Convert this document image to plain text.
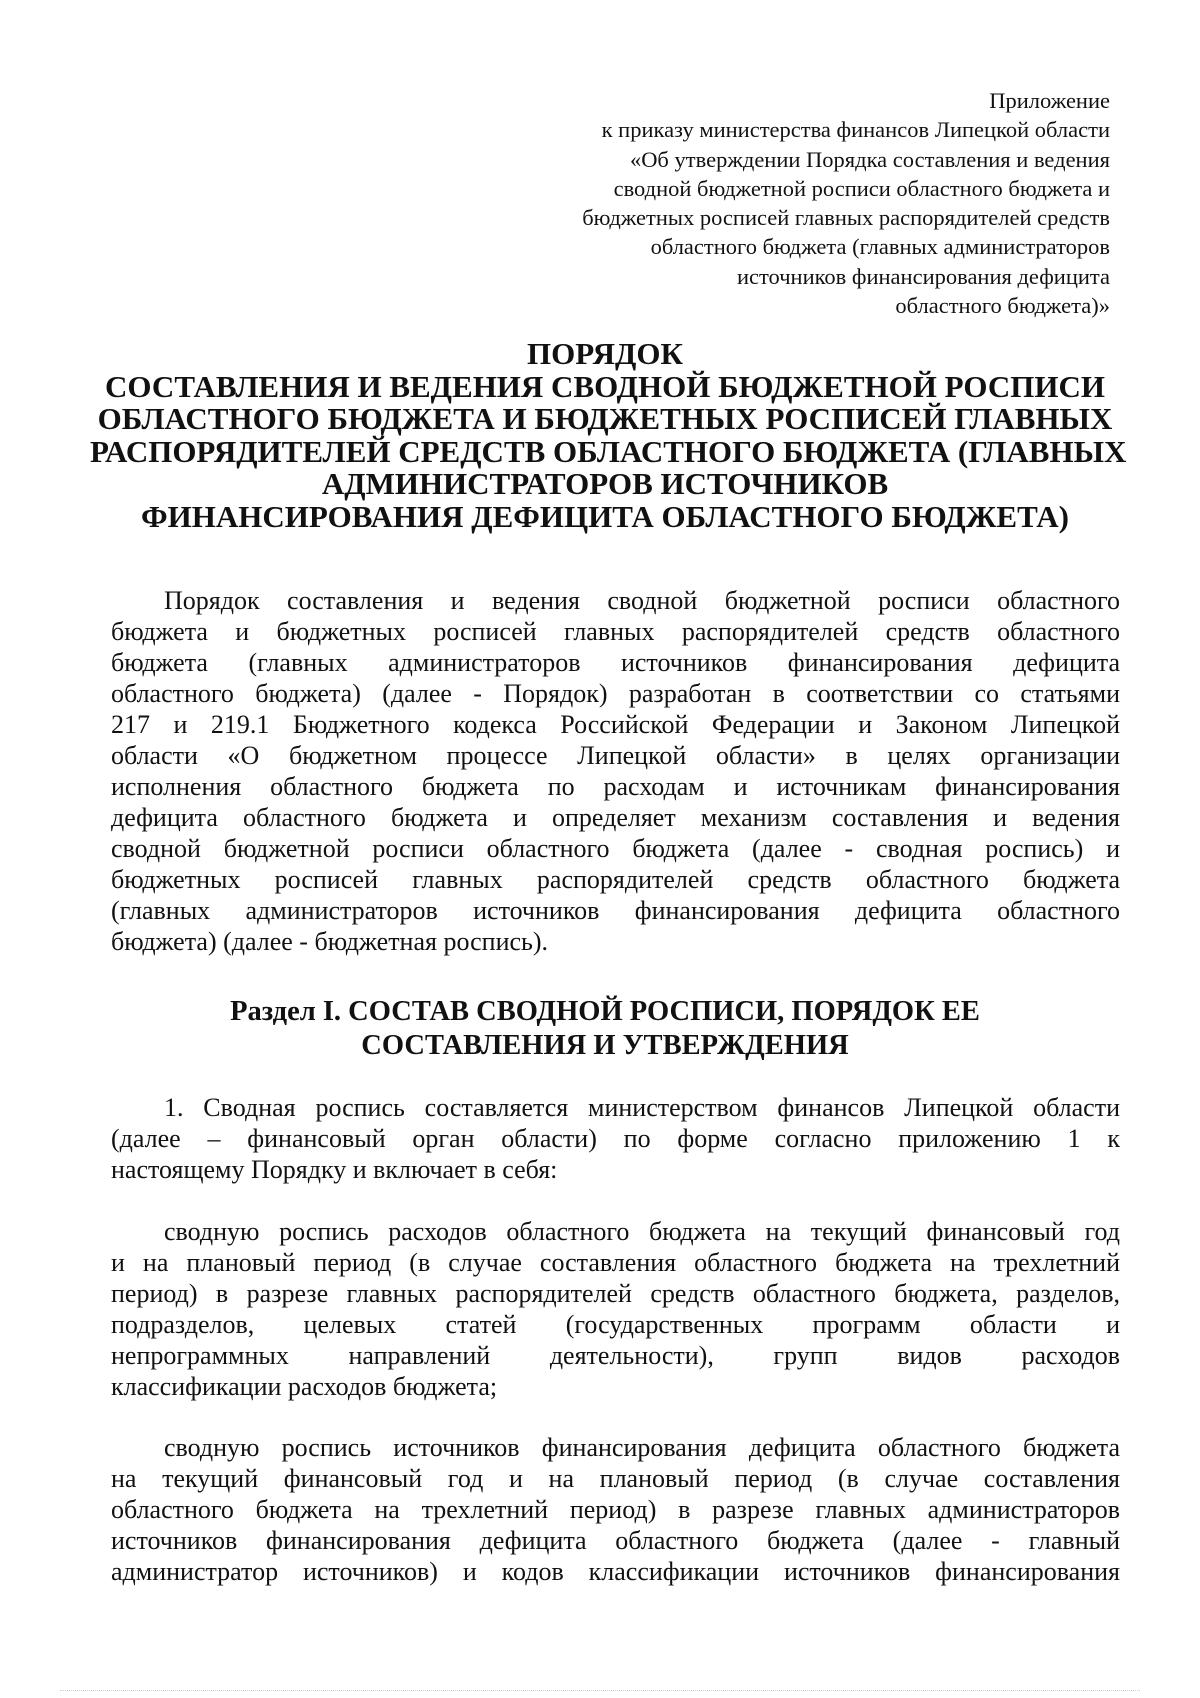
Приложение
к приказу министерства финансов Липецкой области
«Об утверждении Порядка составления и ведения
сводной бюджетной росписи областного бюджета и
бюджетных росписей главных распорядителей средств
областного бюджета (главных администраторов
источников финансирования дефицита
областного бюджета)»
ПОРЯДОК
СОСТАВЛЕНИЯ И ВЕДЕНИЯ СВОДНОЙ БЮДЖЕТНОЙ РОСПИСИ
ОБЛАСТНОГО БЮДЖЕТА И БЮДЖЕТНЫХ РОСПИСЕЙ ГЛАВНЫХ
РАСПОРЯДИТЕЛЕЙ СРЕДСТВ ОБЛАСТНОГО БЮДЖЕТА (ГЛАВНЫХ
АДМИНИСТРАТОРОВ ИСТОЧНИКОВ
ФИНАНСИРОВАНИЯ ДЕФИЦИТА ОБЛАСТНОГО БЮДЖЕТА)
Порядок составления и ведения сводной бюджетной росписи областного
бюджета и бюджетных росписей главных распорядителей средств областного
бюджета (главных администраторов источников финансирования дефицита
областного бюджета) (далее - Порядок) разработан в соответствии со статьями
217 и 219.1 Бюджетного кодекса Российской Федерации и Законом Липецкой
области «О бюджетном процессе Липецкой области» в целях организации
исполнения областного бюджета по расходам и источникам финансирования
дефицита областного бюджета и определяет механизм составления и ведения
сводной бюджетной росписи областного бюджета (далее - сводная роспись) и
бюджетных росписей главных распорядителей средств областного бюджета
(главных администраторов источников финансирования дефицита областного
бюджета) (далее - бюджетная роспись).
Раздел I. СОСТАВ СВОДНОЙ РОСПИСИ, ПОРЯДОК ЕЕ
СОСТАВЛЕНИЯ И УТВЕРЖДЕНИЯ
1. Сводная роспись составляется министерством финансов Липецкой области
(далее – финансовый орган области) по форме согласно приложению 1 к
настоящему Порядку и включает в себя:
сводную роспись расходов областного бюджета на текущий финансовый год
и на плановый период (в случае составления областного бюджета на трехлетний
период) в разрезе главных распорядителей средств областного бюджета, разделов,
подразделов, целевых статей (государственных программ области и
непрограммных направлений деятельности), групп видов расходов
классификации расходов бюджета;
сводную роспись источников финансирования дефицита областного бюджета
на текущий финансовый год и на плановый период (в случае составления
областного бюджета на трехлетний период) в разрезе главных администраторов
источников финансирования дефицита областного бюджета (далее - главный
администратор источников) и кодов классификации источников финансирования
